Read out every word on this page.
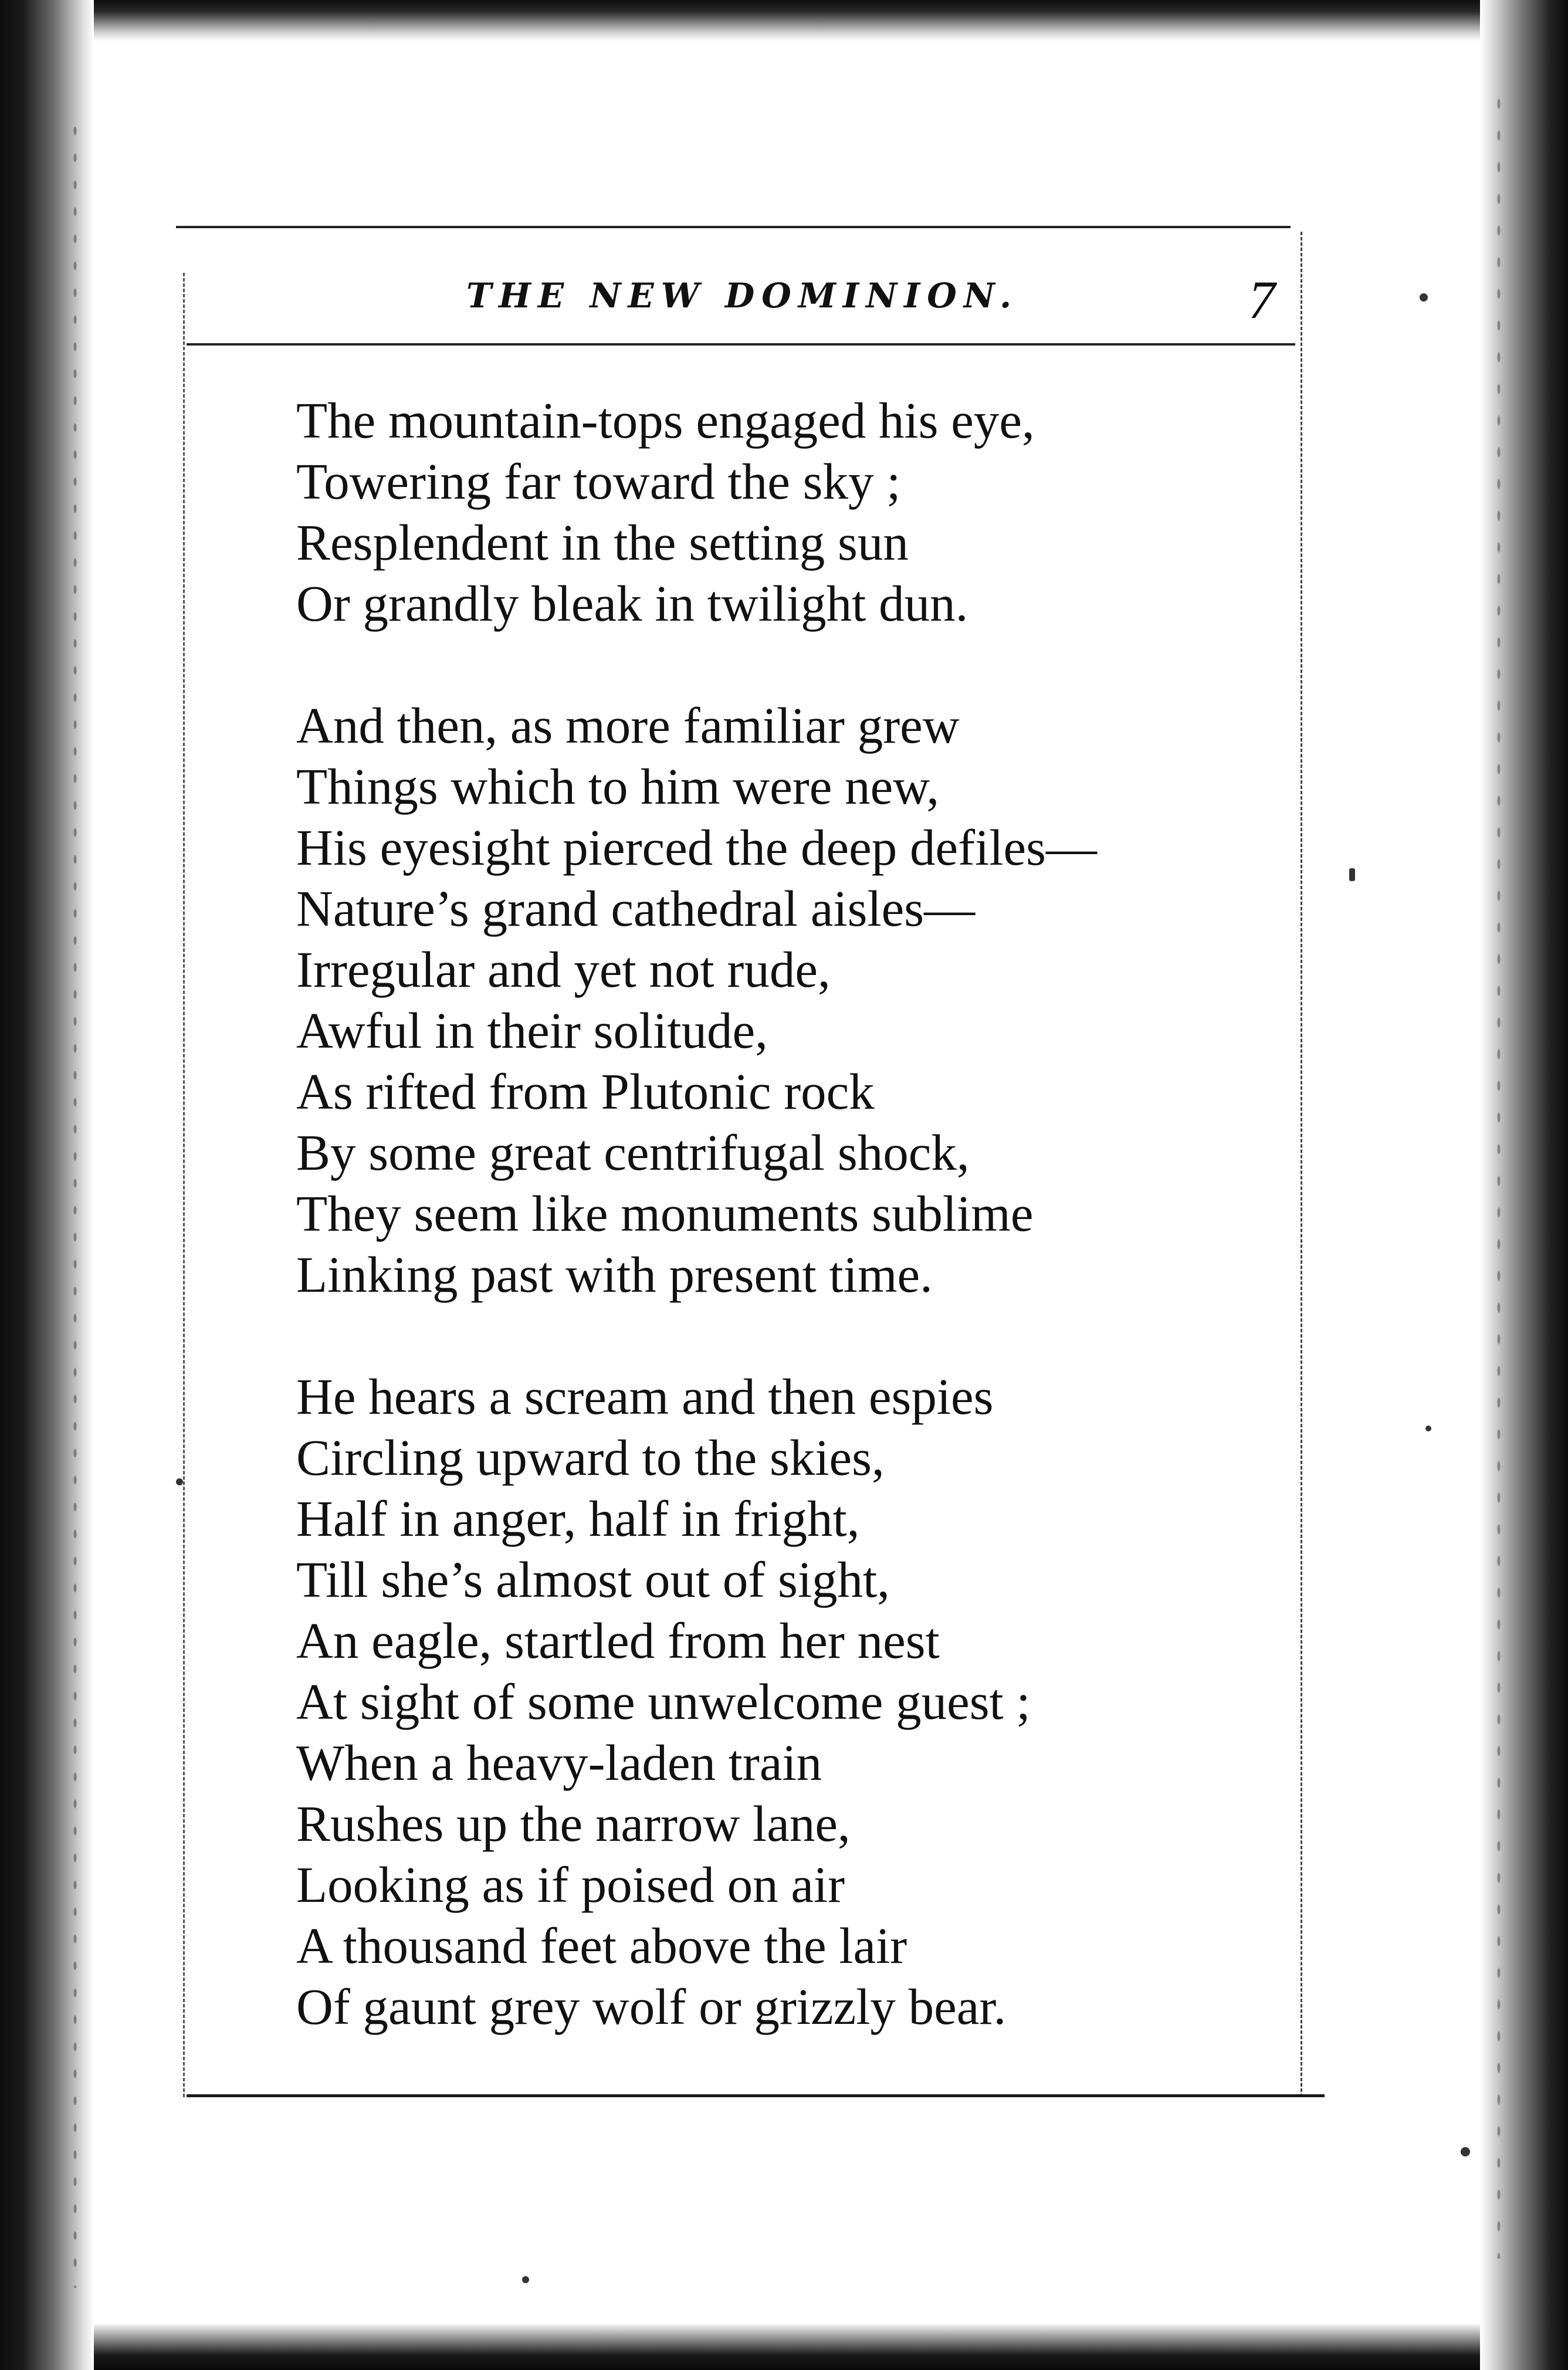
THE NEW DOMINION.	7
The mountain-tops engaged his eye,
Towering far toward the sky ;
Resplendent in the setting sun
Or grandly bleak in twilight dun.
And then, as more familiar grew
Things which to him were new,
His eyesight pierced the deep defiles—
Nature’s grand cathedral aisles—
Irregular and yet not rude,
Awful in their solitude,
As rifted from Plutonic rock
By some great centrifugal shock,
They seem like monuments sublime
Linking past with present time.
He hears a scream and then espies
Circling upward to the skies,
Half in anger, half in fright,
Till she’s almost out of sight,
An eagle, startled from her nest
At sight of some unwelcome guest ;
When a heavy-laden train
Rushes up the narrow lane,
Looking as if poised on air
A thousand feet above the lair
Of gaunt grey wolf or grizzly bear.
